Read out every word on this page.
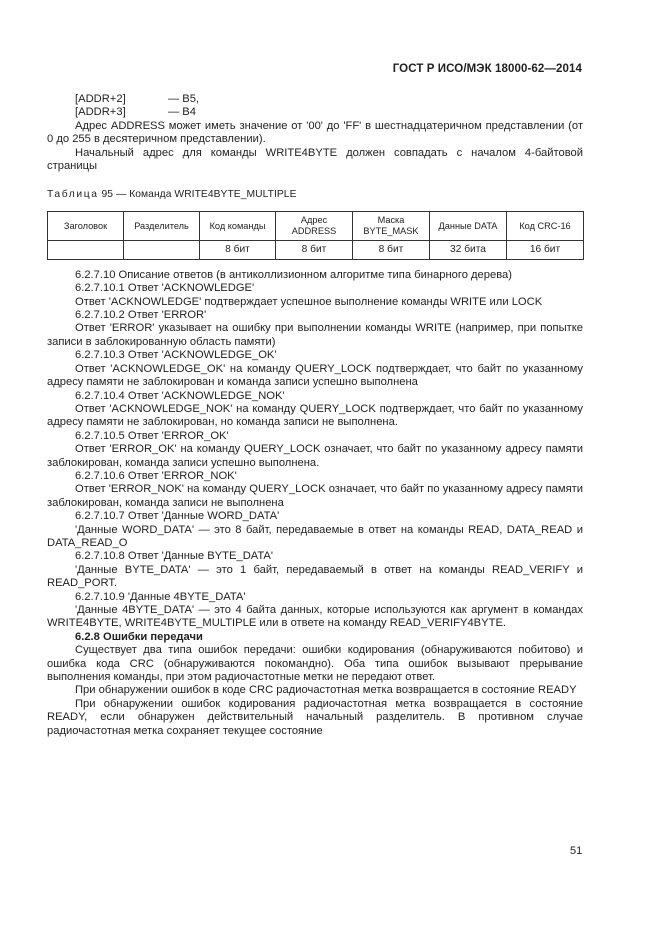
ГОСТ Р ИСО/МЭК 18000-62—2014
[ADDR+2]	— B5,
[ADDR+3]	— B4

Адрес ADDRESS может иметь значение от '00' до 'FF' в шестнадцатеричном представлении (от 0 до 255 в десятеричном представлении).

Начальный адрес для команды WRITE4BYTE должен совпадать с началом 4-байтовой страницы

Таблица 95 — Команда WRITE4BYTE_MULTIPLE
Заголовок	Разделитель	Код команды	Адрес ADDRESS	Маска BYTE_MASK	Данные DATA	Код CRC-16
		8 бит	8 бит	8 бит	32 бита	16 бит

6.2.7.10 Описание ответов (в антиколлизионном алгоритме типа бинарного дерева)

6.2.7.10.1 Ответ 'ACKNOWLEDGE'

Ответ 'ACKNOWLEDGE' подтверждает успешное выполнение команды WRITE или LOCK

6.2.7.10.2 Ответ 'ERROR'

Ответ 'ERROR' указывает на ошибку при выполнении команды WRITE (например, при попытке записи в заблокированную область памяти)

6.2.7.10.3 Ответ 'ACKNOWLEDGE_OK'

Ответ 'ACKNOWLEDGE_OK' на команду QUERY_LOCK подтверждает, что байт по указанному адресу памяти не заблокирован и команда записи успешно выполнена

6.2.7.10.4 Ответ 'ACKNOWLEDGE_NOK'

Ответ 'ACKNOWLEDGE_NOK' на команду QUERY_LOCK подтверждает, что байт по указанному адресу памяти не заблокирован, но команда записи не выполнена.

6.2.7.10.5 Ответ 'ERROR_OK'

Ответ 'ERROR_OK' на команду QUERY_LOCK означает, что байт по указанному адресу памяти заблокирован, команда записи успешно выполнена.

6.2.7.10.6 Ответ 'ERROR_NOK'

Ответ 'ERROR_NOK' на команду QUERY_LOCK означает, что байт по указанному адресу памяти заблокирован, команда записи не выполнена

6.2.7.10.7 Ответ 'Данные WORD_DATA'

'Данные WORD_DATA' — это 8 байт, передаваемые в ответ на команды READ, DATA_READ и DATA_READ_O

6.2.7.10.8 Ответ 'Данные BYTE_DATA'

'Данные BYTE_DATA' — это 1 байт, передаваемый в ответ на команды READ_VERIFY и READ_PORT.

6.2.7.10.9 'Данные 4BYTE_DATA'

'Данные 4BYTE_DATA' — это 4 байта данных, которые используются как аргумент в командах WRITE4BYTE, WRITE4BYTE_MULTIPLE или в ответе на команду READ_VERIFY4BYTE.

6.2.8 Ошибки передачи

Существует два типа ошибок передачи: ошибки кодирования (обнаруживаются побитово) и ошибка кода CRC (обнаруживаются покомандно). Оба типа ошибок вызывают прерывание выполнения команды, при этом радиочастотные метки не передают ответ.

При обнаружении ошибок в коде CRC радиочастотная метка возвращается в состояние READY

При обнаружении ошибок кодирования радиочастотная метка возвращается в состояние READY, если обнаружен действительный начальный разделитель. В противном случае радиочастотная метка сохраняет текущее состояние

51
